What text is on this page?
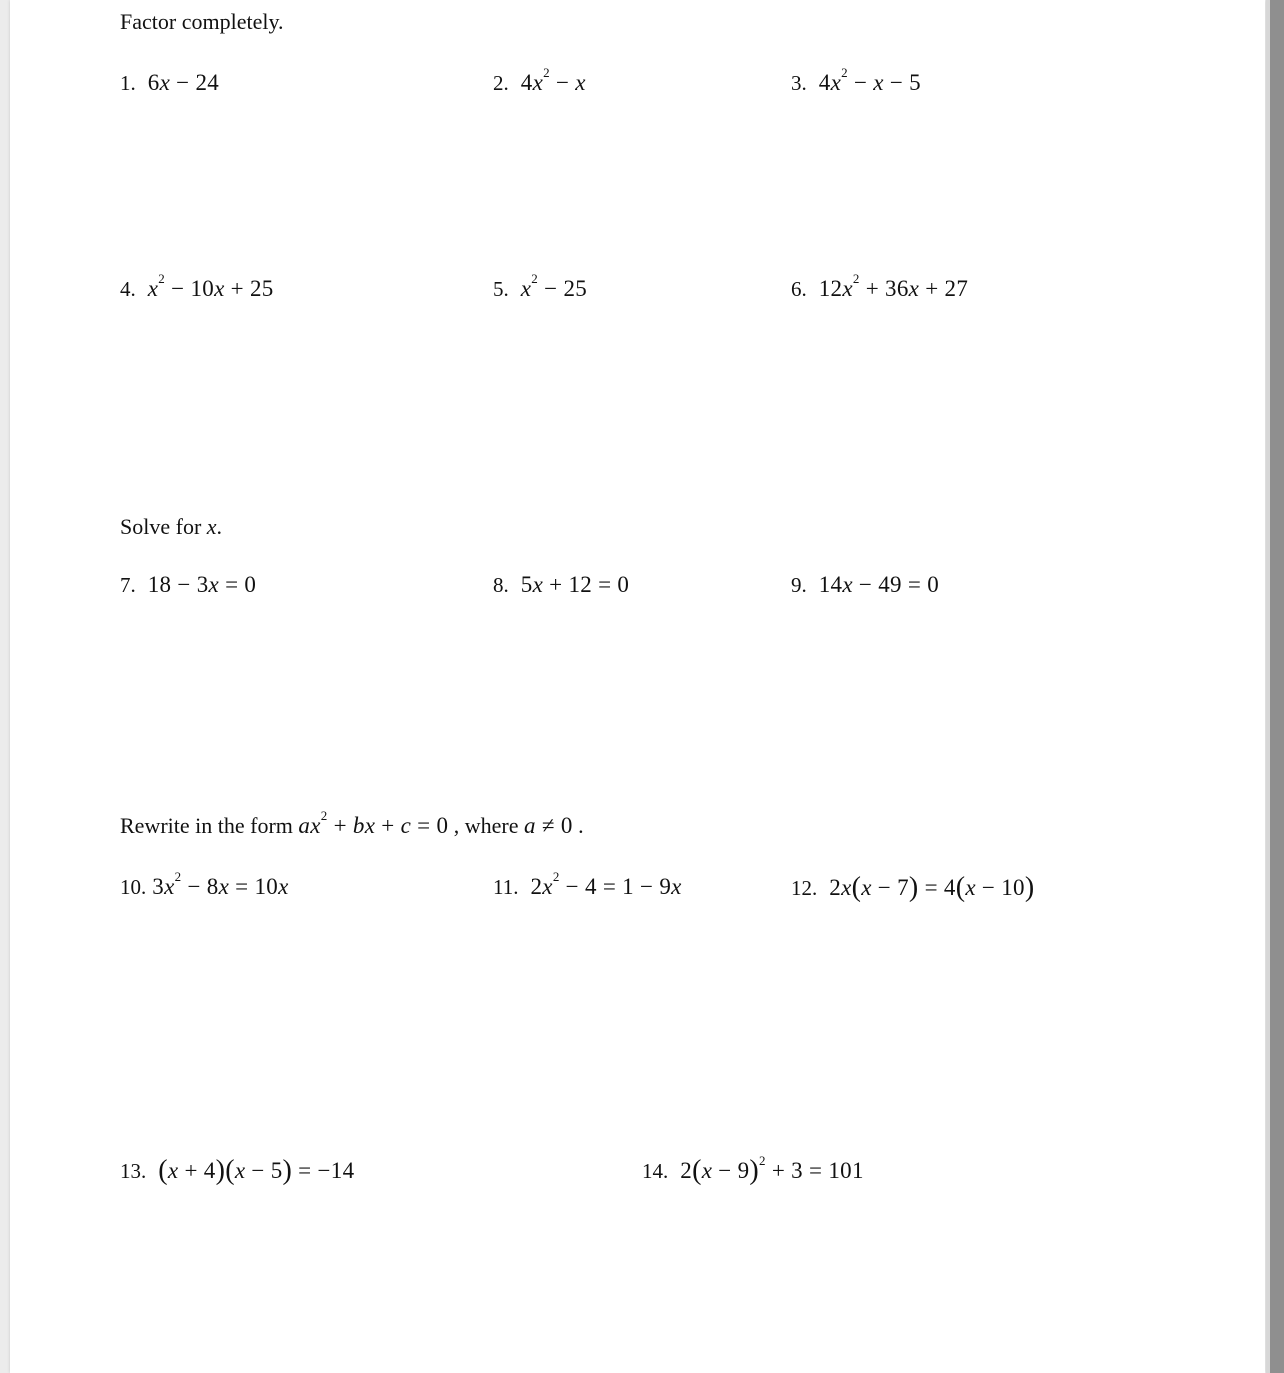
Factor completely.
1. 6x − 24	2. $4x^2 - x$	3. $4x^2 - x - 5$
4. $x^2 - 10x + 25$	5. $x^2 - 25$	6. $12x^2 + 36x + 27$
Solve for x.
7. 18 − 3x = 0	8. 5x + 12 = 0	9. 14x − 49 = 0
Rewrite in the form $ax^2$ + bx + c = 0 , where a ≠ 0 .
10. $3x^2 - 8x = 10x$	11. $2x^2 - 4 = 1 - 9x$	12. 2x(x − 7) = 4(x − 10)
13. (x + 4)(x − 5) = −14	14. $2(x - 9)^2 + 3 = 101$
